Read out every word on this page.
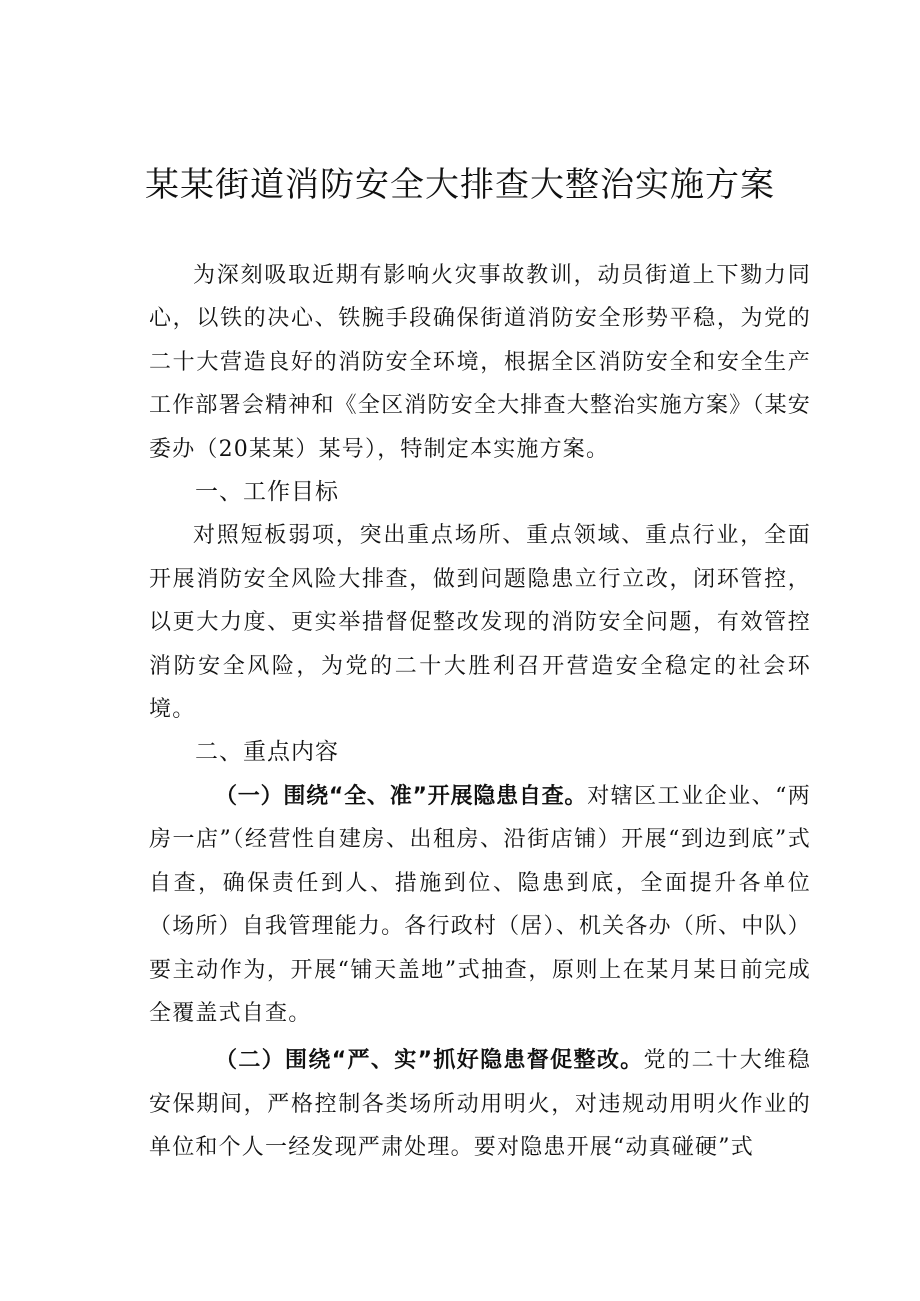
某某街道消防安全大排查大整治实施方案

为深刻吸取近期有影响火灾事故教训，动员街道上下勠力同心，以铁的决心、铁腕手段确保街道消防安全形势平稳，为党的二十大营造良好的消防安全环境，根据全区消防安全和安全生产工作部署会精神和《全区消防安全大排查大整治实施方案》（某安委办（20某某）某号），特制定本实施方案。

一、工作目标

对照短板弱项，突出重点场所、重点领域、重点行业，全面开展消防安全风险大排查，做到问题隐患立行立改，闭环管控，以更大力度、更实举措督促整改发现的消防安全问题，有效管控消防安全风险，为党的二十大胜利召开营造安全稳定的社会环境。

二、重点内容

（一）围绕“全、准”开展隐患自查。对辖区工业企业、“两房一店”（经营性自建房、出租房、沿街店铺）开展“到边到底”式自查，确保责任到人、措施到位、隐患到底，全面提升各单位（场所）自我管理能力。各行政村（居）、机关各办（所、中队）要主动作为，开展“铺天盖地”式抽查，原则上在某月某日前完成全覆盖式自查。

（二）围绕“严、实”抓好隐患督促整改。党的二十大维稳安保期间，严格控制各类场所动用明火，对违规动用明火作业的单位和个人一经发现严肃处理。要对隐患开展“动真碰硬”式
